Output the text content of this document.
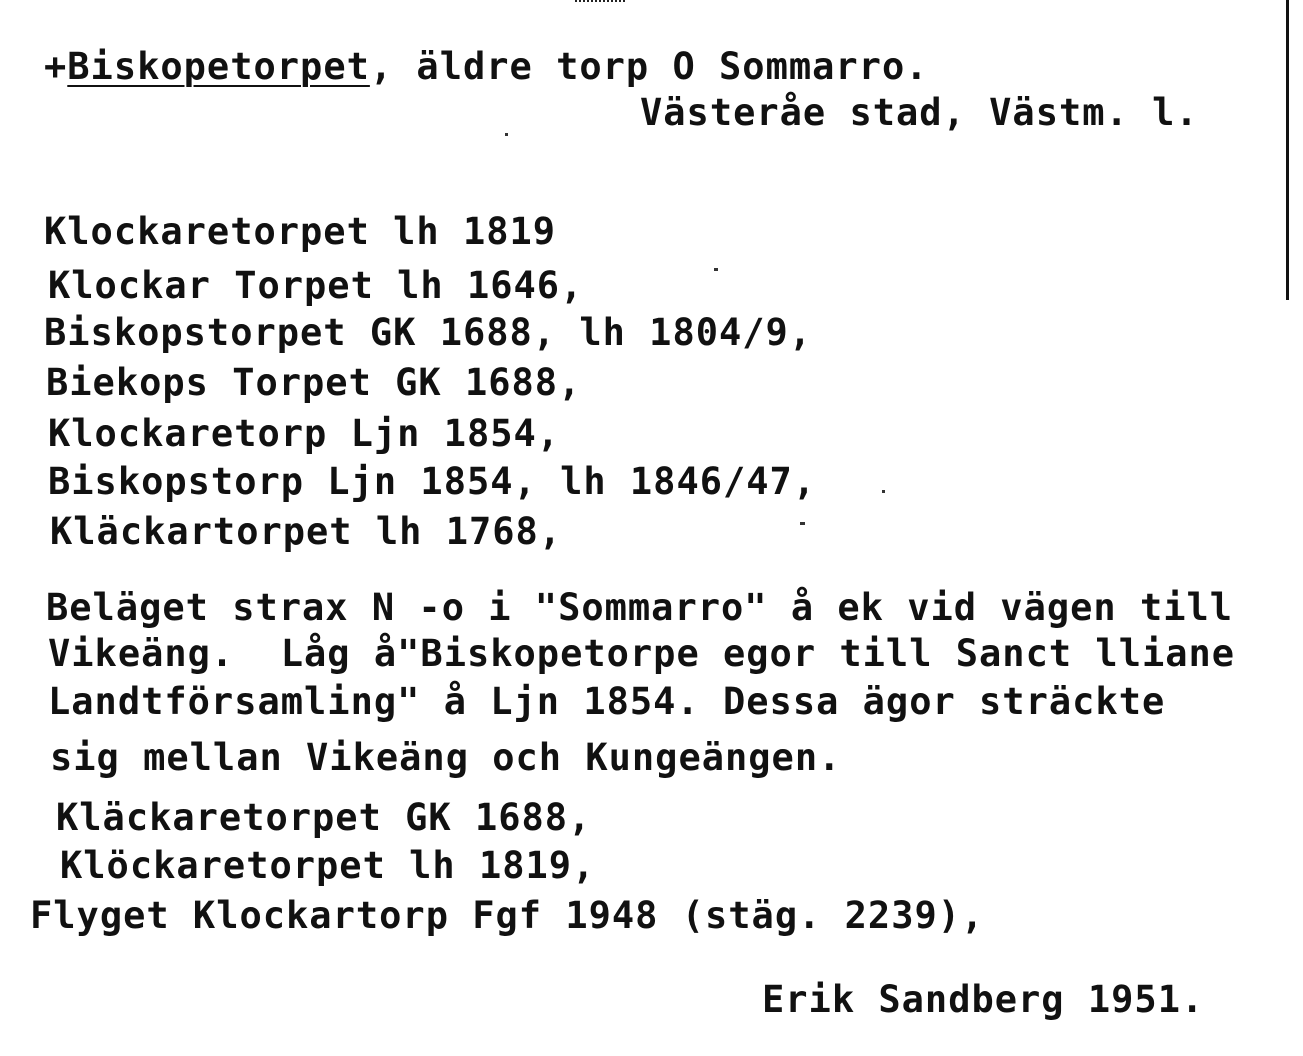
+Biskopetorpet, äldre torp O Sommarro.
Västeråe stad, Västm. l.
Klockaretorpet lh 1819
Klockar Torpet lh 1646,
Biskopstorpet GK 1688, lh 1804/9,
Biekops Torpet GK 1688,
Klockaretorp Ljn 1854,
Biskopstorp Ljn 1854, lh 1846/47,
Kläckartorpet lh 1768,
Beläget strax N -o i "Sommarro" å ek vid vägen till
Vikeäng.  Låg å"Biskopetorpe egor till Sanct lliane
Landtförsamling" å Ljn 1854. Dessa ägor sträckte
sig mellan Vikeäng och Kungeängen.
Kläckaretorpet GK 1688,
Klöckaretorpet lh 1819,
Flyget Klockartorp Fgf 1948 (stäg. 2239),
Erik Sandberg 1951.
